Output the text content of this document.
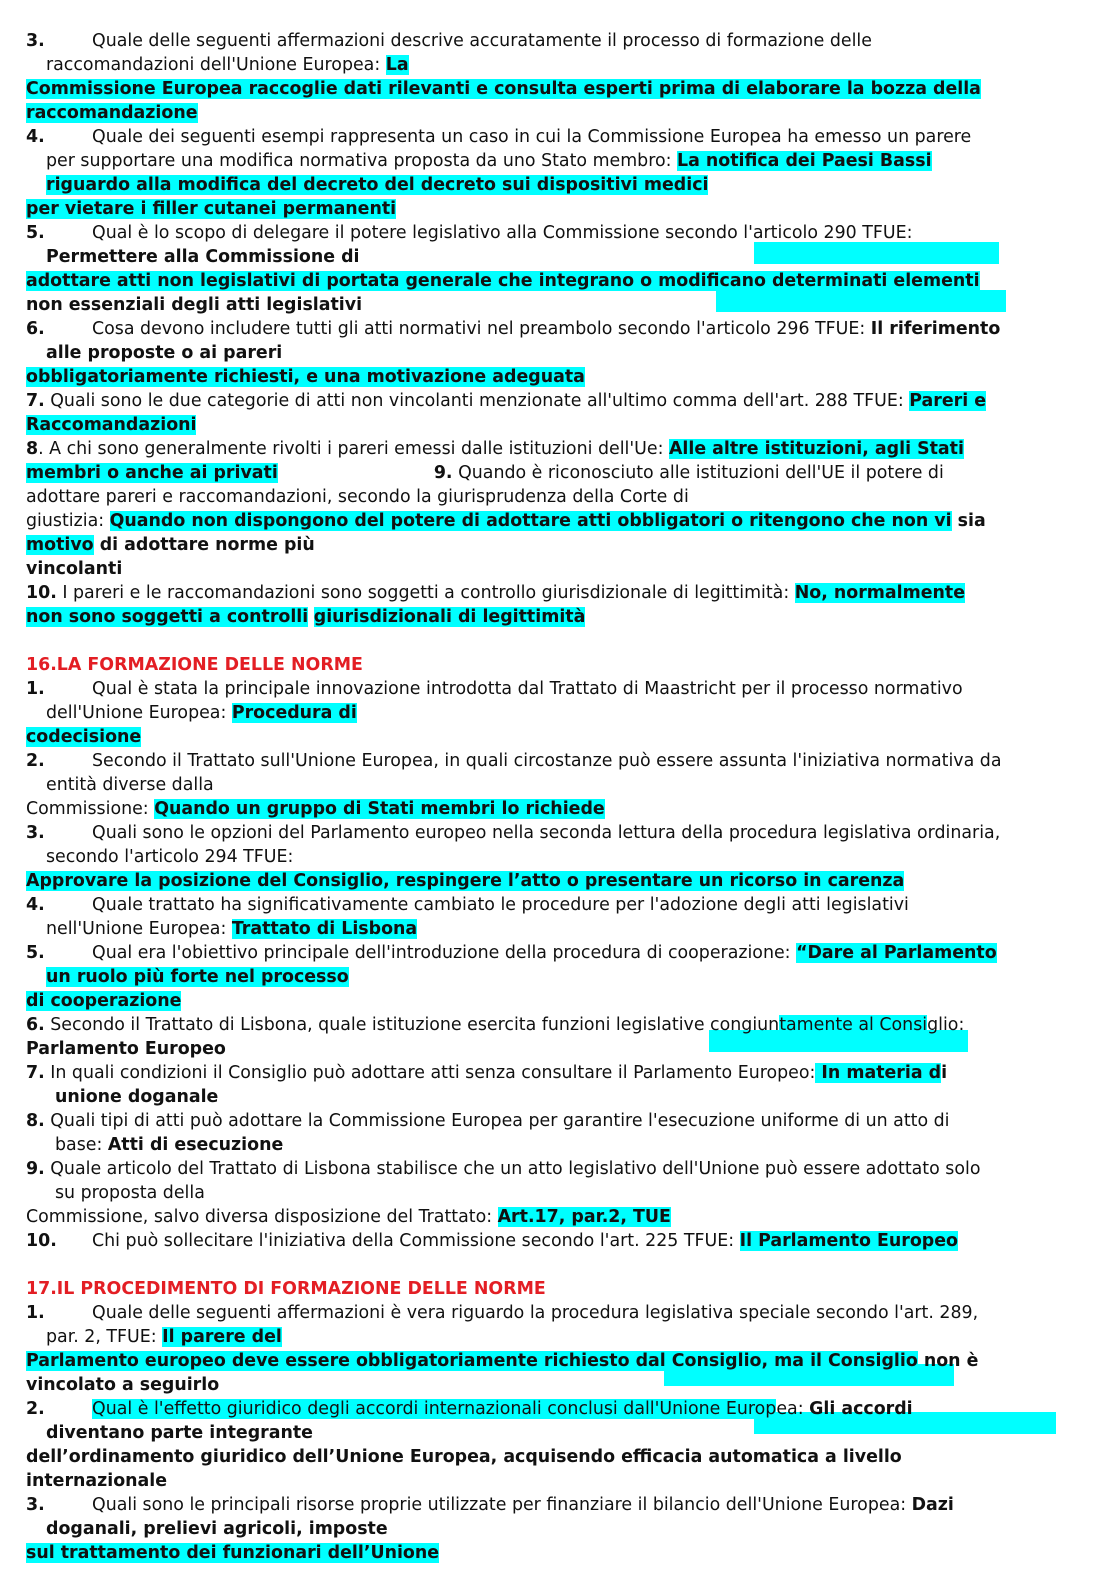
3.	Quale delle seguenti affermazioni descrive accuratamente il processo di formazione delle

raccomandazioni dell'Unione Europea: La

Commissione Europea raccoglie dati rilevanti e consulta esperti prima di elaborare la bozza della

raccomandazione

4.	Quale dei seguenti esempi rappresenta un caso in cui la Commissione Europea ha emesso un parere

per supportare una modifica normativa proposta da uno Stato membro: La notifica dei Paesi Bassi

riguardo alla modifica del decreto del decreto sui dispositivi medici

per vietare i filler cutanei permanenti

5.	Qual è lo scopo di delegare il potere legislativo alla Commissione secondo l'articolo 290 TFUE:

Permettere alla Commissione di

adottare atti non legislativi di portata generale che integrano o modificano determinati elementi

non essenziali degli atti legislativi

6.	Cosa devono includere tutti gli atti normativi nel preambolo secondo l'articolo 296 TFUE: Il riferimento

alle proposte o ai pareri

obbligatoriamente richiesti, e una motivazione adeguata

7. Quali sono le due categorie di atti non vincolanti menzionate all'ultimo comma dell'art. 288 TFUE: Pareri e

Raccomandazioni

8. A chi sono generalmente rivolti i pareri emessi dalle istituzioni dell'Ue: Alle altre istituzioni, agli Stati

membri o anche ai privati	9. Quando è riconosciuto alle istituzioni dell'UE il potere di

adottare pareri e raccomandazioni, secondo la giurisprudenza della Corte di

giustizia: Quando non dispongono del potere di adottare atti obbligatori o ritengono che non vi sia

motivo di adottare norme più

vincolanti

10. I pareri e le raccomandazioni sono soggetti a controllo giurisdizionale di legittimità: No, normalmente

non sono soggetti a controlli giurisdizionali di legittimità

16.LA FORMAZIONE DELLE NORME

1.	Qual è stata la principale innovazione introdotta dal Trattato di Maastricht per il processo normativo

dell'Unione Europea: Procedura di

codecisione

2.	Secondo il Trattato sull'Unione Europea, in quali circostanze può essere assunta l'iniziativa normativa da

entità diverse dalla

Commissione: Quando un gruppo di Stati membri lo richiede

3.	Quali sono le opzioni del Parlamento europeo nella seconda lettura della procedura legislativa ordinaria,

secondo l'articolo 294 TFUE:

Approvare la posizione del Consiglio, respingere l’atto o presentare un ricorso in carenza

4.	Quale trattato ha significativamente cambiato le procedure per l'adozione degli atti legislativi

nell'Unione Europea: Trattato di Lisbona

5.	Qual era l'obiettivo principale dell'introduzione della procedura di cooperazione: “Dare al Parlamento

un ruolo più forte nel processo

di cooperazione

6. Secondo il Trattato di Lisbona, quale istituzione esercita funzioni legislative congiuntamente al Consiglio:

Parlamento Europeo

7. In quali condizioni il Consiglio può adottare atti senza consultare il Parlamento Europeo: In materia di

unione doganale

8. Quali tipi di atti può adottare la Commissione Europea per garantire l'esecuzione uniforme di un atto di

base: Atti di esecuzione

9. Quale articolo del Trattato di Lisbona stabilisce che un atto legislativo dell'Unione può essere adottato solo

su proposta della

Commissione, salvo diversa disposizione del Trattato: Art.17, par.2, TUE

10. Chi può sollecitare l'iniziativa della Commissione secondo l'art. 225 TFUE: Il Parlamento Europeo

17.IL PROCEDIMENTO DI FORMAZIONE DELLE NORME

1.	Quale delle seguenti affermazioni è vera riguardo la procedura legislativa speciale secondo l'art. 289,

par. 2, TFUE: Il parere del

Parlamento europeo deve essere obbligatoriamente richiesto dal Consiglio, ma il Consiglio non è

vincolato a seguirlo

2.	Qual è l'effetto giuridico degli accordi internazionali conclusi dall'Unione Europea: Gli accordi

diventano parte integrante

dell’ordinamento giuridico dell’Unione Europea, acquisendo efficacia automatica a livello

internazionale

3.	Quali sono le principali risorse proprie utilizzate per finanziare il bilancio dell'Unione Europea: Dazi

doganali, prelievi agricoli, imposte

sul trattamento dei funzionari dell’Unione
